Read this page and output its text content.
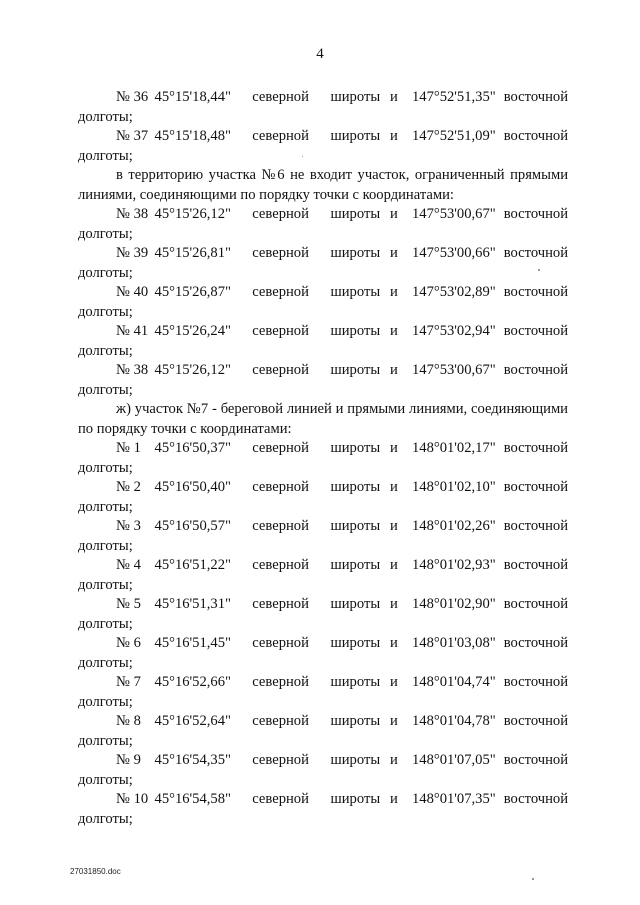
4
№ 36 45°15'18,44"	северной	широты и 147°52'51,35" восточной
долготы;
№ 37 45°15'18,48"	северной	широты и 147°52'51,09" восточной
долготы;

в территорию участка №6 не входит участок, ограниченный прямыми линиями, соединяющими по порядку точки с координатами:

№ 38 45°15'26,12"	северной	широты и 147°53'00,67" восточной
долготы;
№ 39 45°15'26,81"	северной	широты и 147°53'00,66" восточной
долготы;
№ 40 45°15'26,87"	северной	широты и 147°53'02,89" восточной
долготы;
№ 41 45°15'26,24"	северной	широты и 147°53'02,94" восточной
долготы;
№ 38 45°15'26,12"	северной	широты и 147°53'00,67" восточной
долготы;

ж) участок №7 - береговой линией и прямыми линиями, соединяющими по порядку точки с координатами:

№ 1 45°16'50,37"	северной	широты и 148°01'02,17" восточной
долготы;
№ 2 45°16'50,40"	северной	широты и 148°01'02,10" восточной
долготы;
№ 3 45°16'50,57"	северной	широты и 148°01'02,26" восточной
долготы;
№ 4 45°16'51,22"	северной	широты и 148°01'02,93" восточной
долготы;
№ 5 45°16'51,31"	северной	широты и 148°01'02,90" восточной
долготы;
№ 6 45°16'51,45"	северной	широты и 148°01'03,08" восточной
долготы;
№ 7 45°16'52,66"	северной	широты и 148°01'04,74" восточной
долготы;
№ 8 45°16'52,64"	северной	широты и 148°01'04,78" восточной
долготы;
№ 9 45°16'54,35"	северной	широты и 148°01'07,05" восточной
долготы;
№ 10 45°16'54,58"	северной	широты и 148°01'07,35" восточной
долготы;
27031850.doc
